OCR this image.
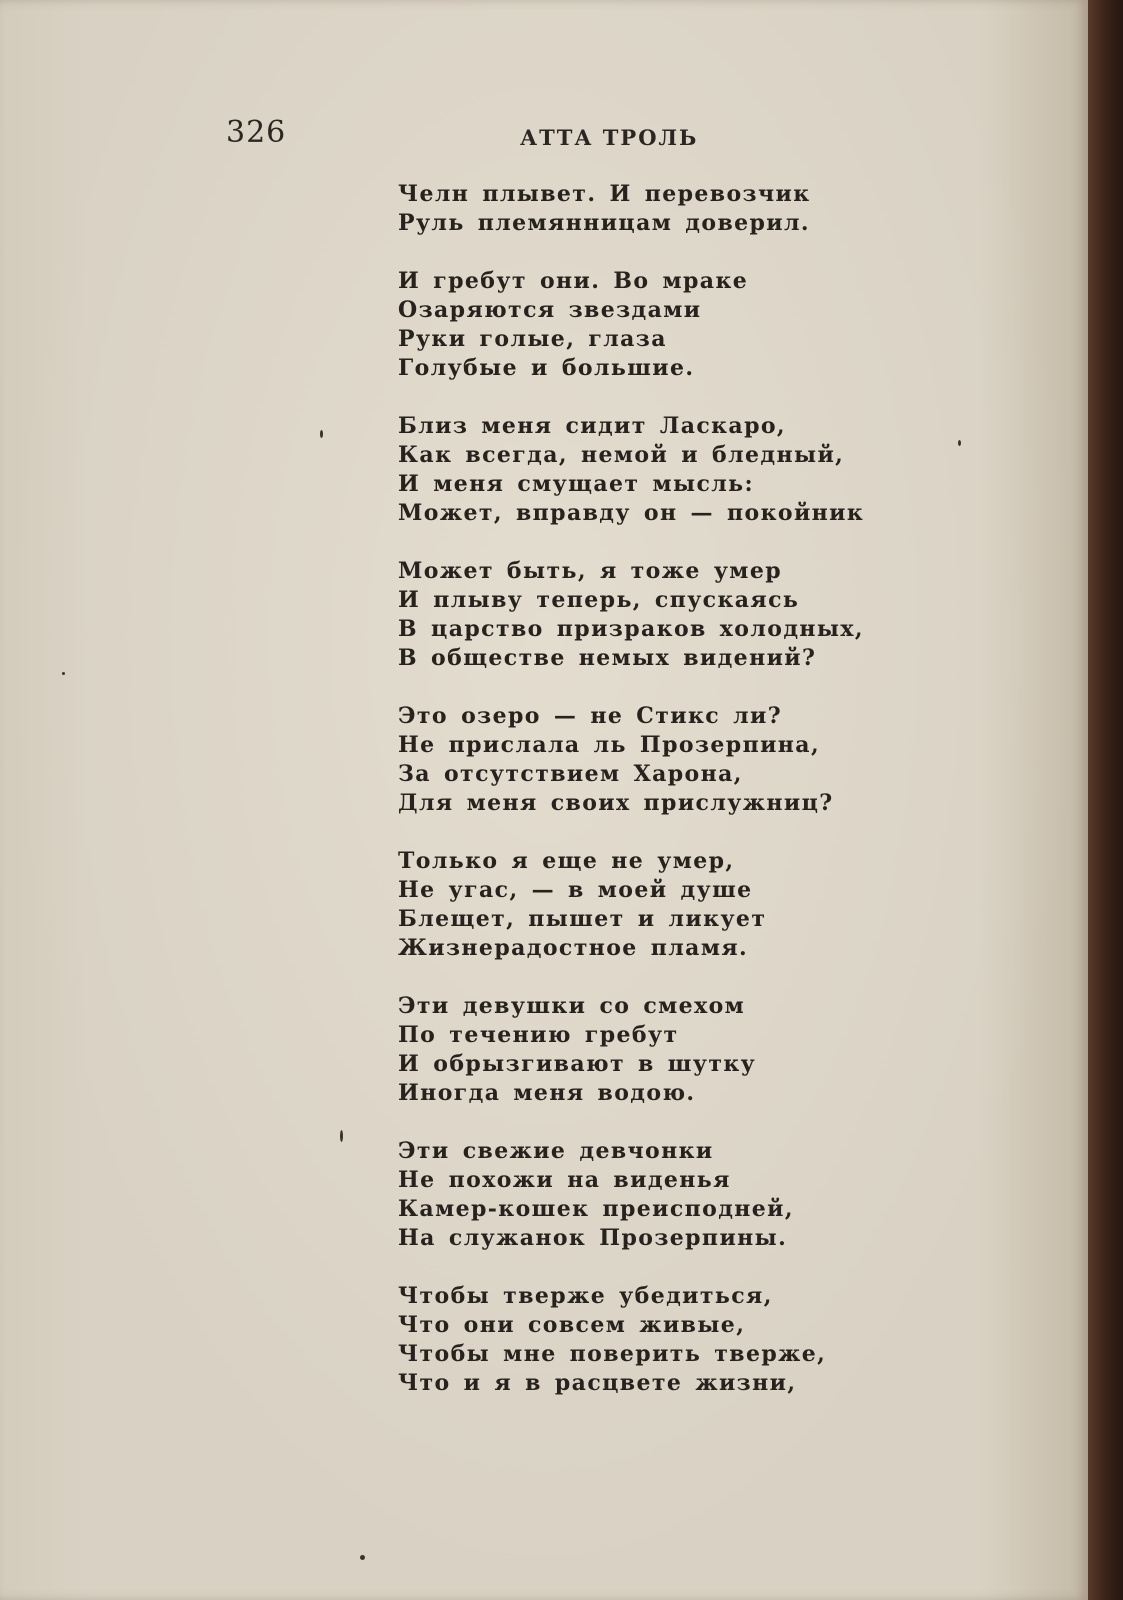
326	АТТА ТРОЛЬ
Челн плывет. И перевозчик
Руль племянницам доверил.
И гребут они. Во мраке
Озаряются звездами
Руки голые, глаза
Голубые и большие.
Близ меня сидит Ласкаро,
Как всегда, немой и бледный,
И меня смущает мысль:
Может, вправду он — покойник
Может быть, я тоже умер
И плыву теперь, спускаясь
В царство призраков холодных,
В обществе немых видений?
Это озеро — не Стикс ли?
Не прислала ль Прозерпина,
За отсутствием Харона,
Для меня своих прислужниц?
Только я еще не умер,
Не угас, — в моей душе
Блещет, пышет и ликует
Жизнерадостное пламя.
Эти девушки со смехом
По течению гребут
И обрызгивают в шутку
Иногда меня водою.
Эти свежие девчонки
Не похожи на виденья
Камер-кошек преисподней,
На служанок Прозерпины.
Чтобы тверже убедиться,
Что они совсем живые,
Чтобы мне поверить тверже,
Что и я в расцвете жизни,
